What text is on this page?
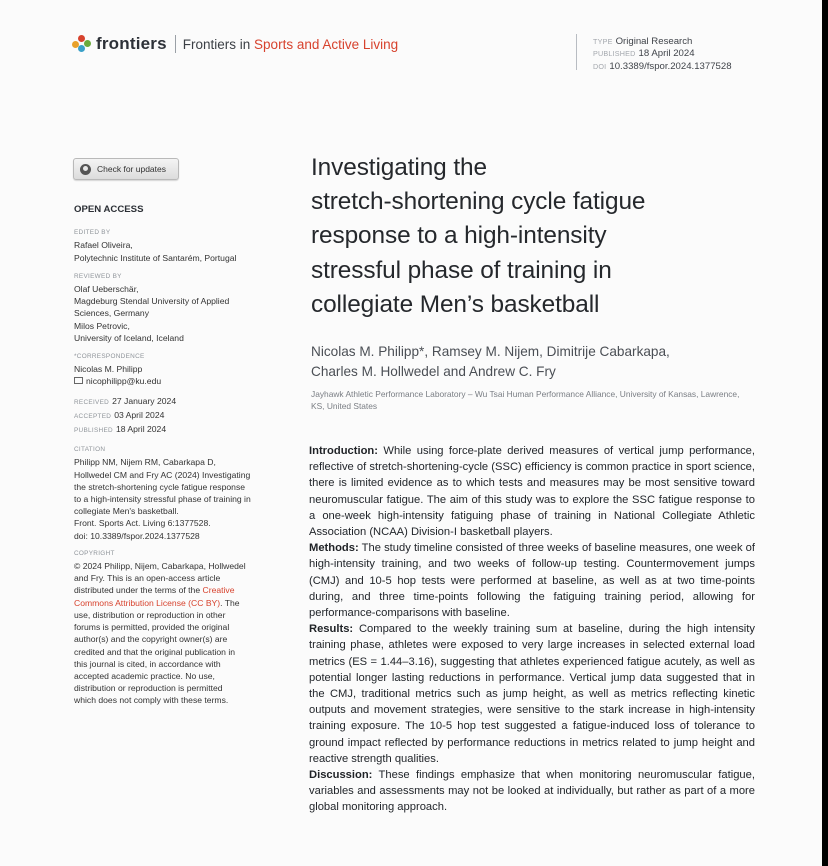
frontiers Frontiers in Sports and Active Living	TYPE Original Research
PUBLISHED 18 April 2024
DOI 10.3389/fspor.2024.1377528
Check for updates
OPEN ACCESS
EDITED BY
Rafael Oliveira,
Polytechnic Institute of Santarém, Portugal
REVIEWED BY
Olaf Ueberschär,
Magdeburg Stendal University of Applied
Sciences, Germany
Milos Petrovic,
University of Iceland, Iceland
*CORRESPONDENCE
Nicolas M. Philipp
nicophilipp@ku.edu
RECEIVED 27 January 2024
ACCEPTED 03 April 2024
PUBLISHED 18 April 2024
CITATION
Philipp NM, Nijem RM, Cabarkapa D,
Hollwedel CM and Fry AC (2024) Investigating
the stretch-shortening cycle fatigue response
to a high-intensity stressful phase of training in
collegiate Men's basketball.
Front. Sports Act. Living 6:1377528.
doi: 10.3389/fspor.2024.1377528
COPYRIGHT
© 2024 Philipp, Nijem, Cabarkapa, Hollwedel
and Fry. This is an open-access article
distributed under the terms of the Creative
Commons Attribution License (CC BY). The
use, distribution or reproduction in other
forums is permitted, provided the original
author(s) and the copyright owner(s) are
credited and that the original publication in
this journal is cited, in accordance with
accepted academic practice. No use,
distribution or reproduction is permitted
which does not comply with these terms.
Investigating the
stretch-shortening cycle fatigue
response to a high-intensity
stressful phase of training in
collegiate Men’s basketball
Nicolas M. Philipp*, Ramsey M. Nijem, Dimitrije Cabarkapa,
Charles M. Hollwedel and Andrew C. Fry
Jayhawk Athletic Performance Laboratory – Wu Tsai Human Performance Alliance, University of Kansas, Lawrence, KS, United States

Introduction: While using force-plate derived measures of vertical jump performance, reflective of stretch-shortening-cycle (SSC) efficiency is common practice in sport science, there is limited evidence as to which tests and measures may be most sensitive toward neuromuscular fatigue. The aim of this study was to explore the SSC fatigue response to a one-week high-intensity fatiguing phase of training in National Collegiate Athletic Association (NCAA) Division-I basketball players.

Methods: The study timeline consisted of three weeks of baseline measures, one week of high-intensity training, and two weeks of follow-up testing. Countermovement jumps (CMJ) and 10-5 hop tests were performed at baseline, as well as at two time-points during, and three time-points following the fatiguing training period, allowing for performance-comparisons with baseline.

Results: Compared to the weekly training sum at baseline, during the high intensity training phase, athletes were exposed to very large increases in selected external load metrics (ES = 1.44–3.16), suggesting that athletes experienced fatigue acutely, as well as potential longer lasting reductions in performance. Vertical jump data suggested that in the CMJ, traditional metrics such as jump height, as well as metrics reflecting kinetic outputs and movement strategies, were sensitive to the stark increase in high-intensity training exposure. The 10-5 hop test suggested a fatigue-induced loss of tolerance to ground impact reflected by performance reductions in metrics related to jump height and reactive strength qualities.

Discussion: These findings emphasize that when monitoring neuromuscular fatigue, variables and assessments may not be looked at individually, but rather as part of a more global monitoring approach.
